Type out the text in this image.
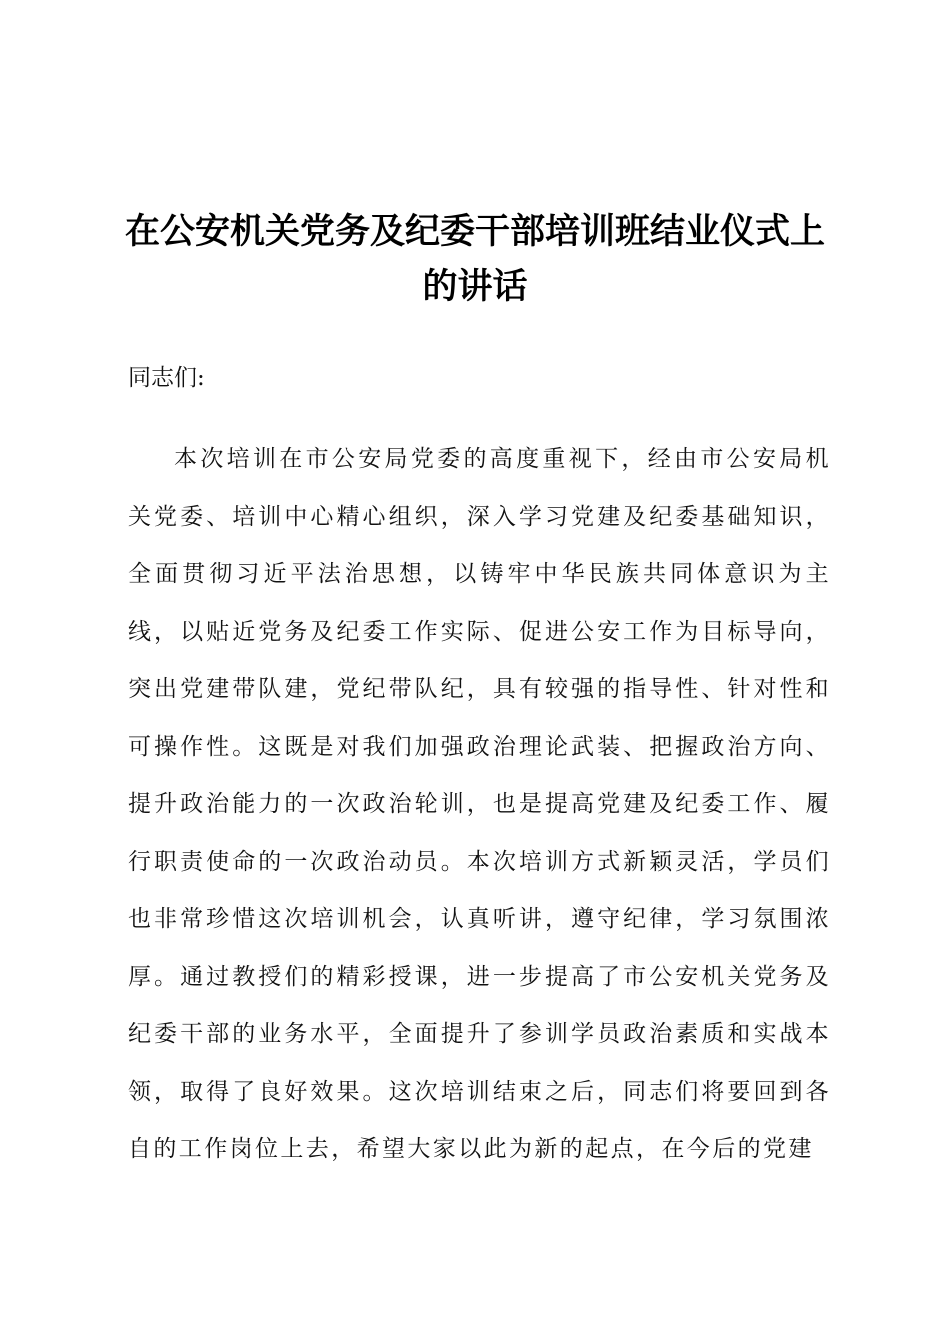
在公安机关党务及纪委干部培训班结业仪式上的讲话

同志们:

本次培训在市公安局党委的高度重视下，经由市公安局机关党委、培训中心精心组织，深入学习党建及纪委基础知识，全面贯彻习近平法治思想，以铸牢中华民族共同体意识为主线，以贴近党务及纪委工作实际、促进公安工作为目标导向，突出党建带队建，党纪带队纪，具有较强的指导性、针对性和可操作性。这既是对我们加强政治理论武装、把握政治方向、提升政治能力的一次政治轮训，也是提高党建及纪委工作、履行职责使命的一次政治动员。本次培训方式新颖灵活，学员们也非常珍惜这次培训机会，认真听讲，遵守纪律，学习氛围浓厚。通过教授们的精彩授课，进一步提高了市公安机关党务及纪委干部的业务水平，全面提升了参训学员政治素质和实战本领，取得了良好效果。这次培训结束之后，同志们将要回到各自的工作岗位上去，希望大家以此为新的起点，在今后的党建
